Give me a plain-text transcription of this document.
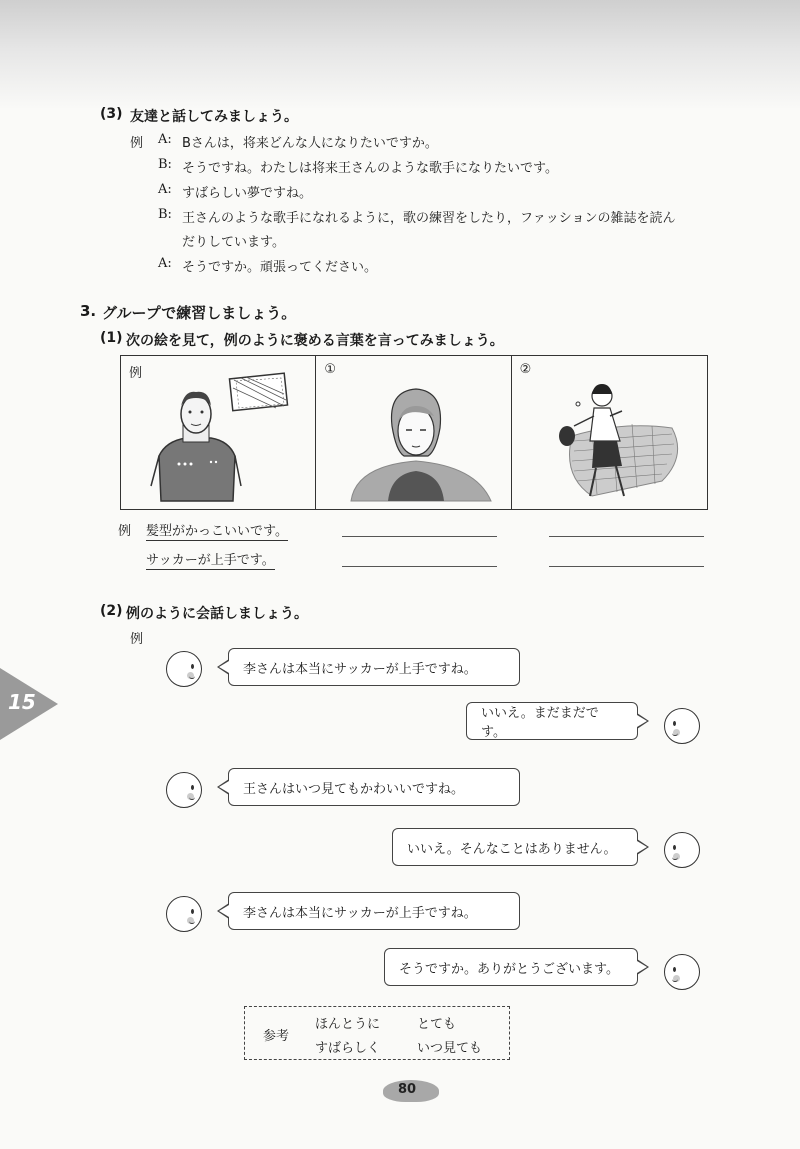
(3) 友達と話してみましょう。
例 A: Bさんは，将来どんな人になりたいですか。
B: そうですね。わたしは将来王さんのような歌手になりたいです。
A: すばらしい夢ですね。
B: 王さんのような歌手になれるように，歌の練習をしたり，ファッションの雑誌を読ん
だりしています。
A: そうですか。頑張ってください。
3. グループで練習しましょう。
(1) 次の絵を見て，例のように褒める言葉を言ってみましょう。
例	①	②
例 髪型がかっこいいです。
サッカーが上手です。
(2) 例のように会話しましょう。
例
李さんは本当にサッカーが上手ですね。
いいえ。まだまだです。
王さんはいつ見てもかわいいですね。
いいえ。そんなことはありません。
李さんは本当にサッカーが上手ですね。
そうですか。ありがとうございます。
参考
ほんとうに	とても
すばらしく	いつ見ても
15
80
